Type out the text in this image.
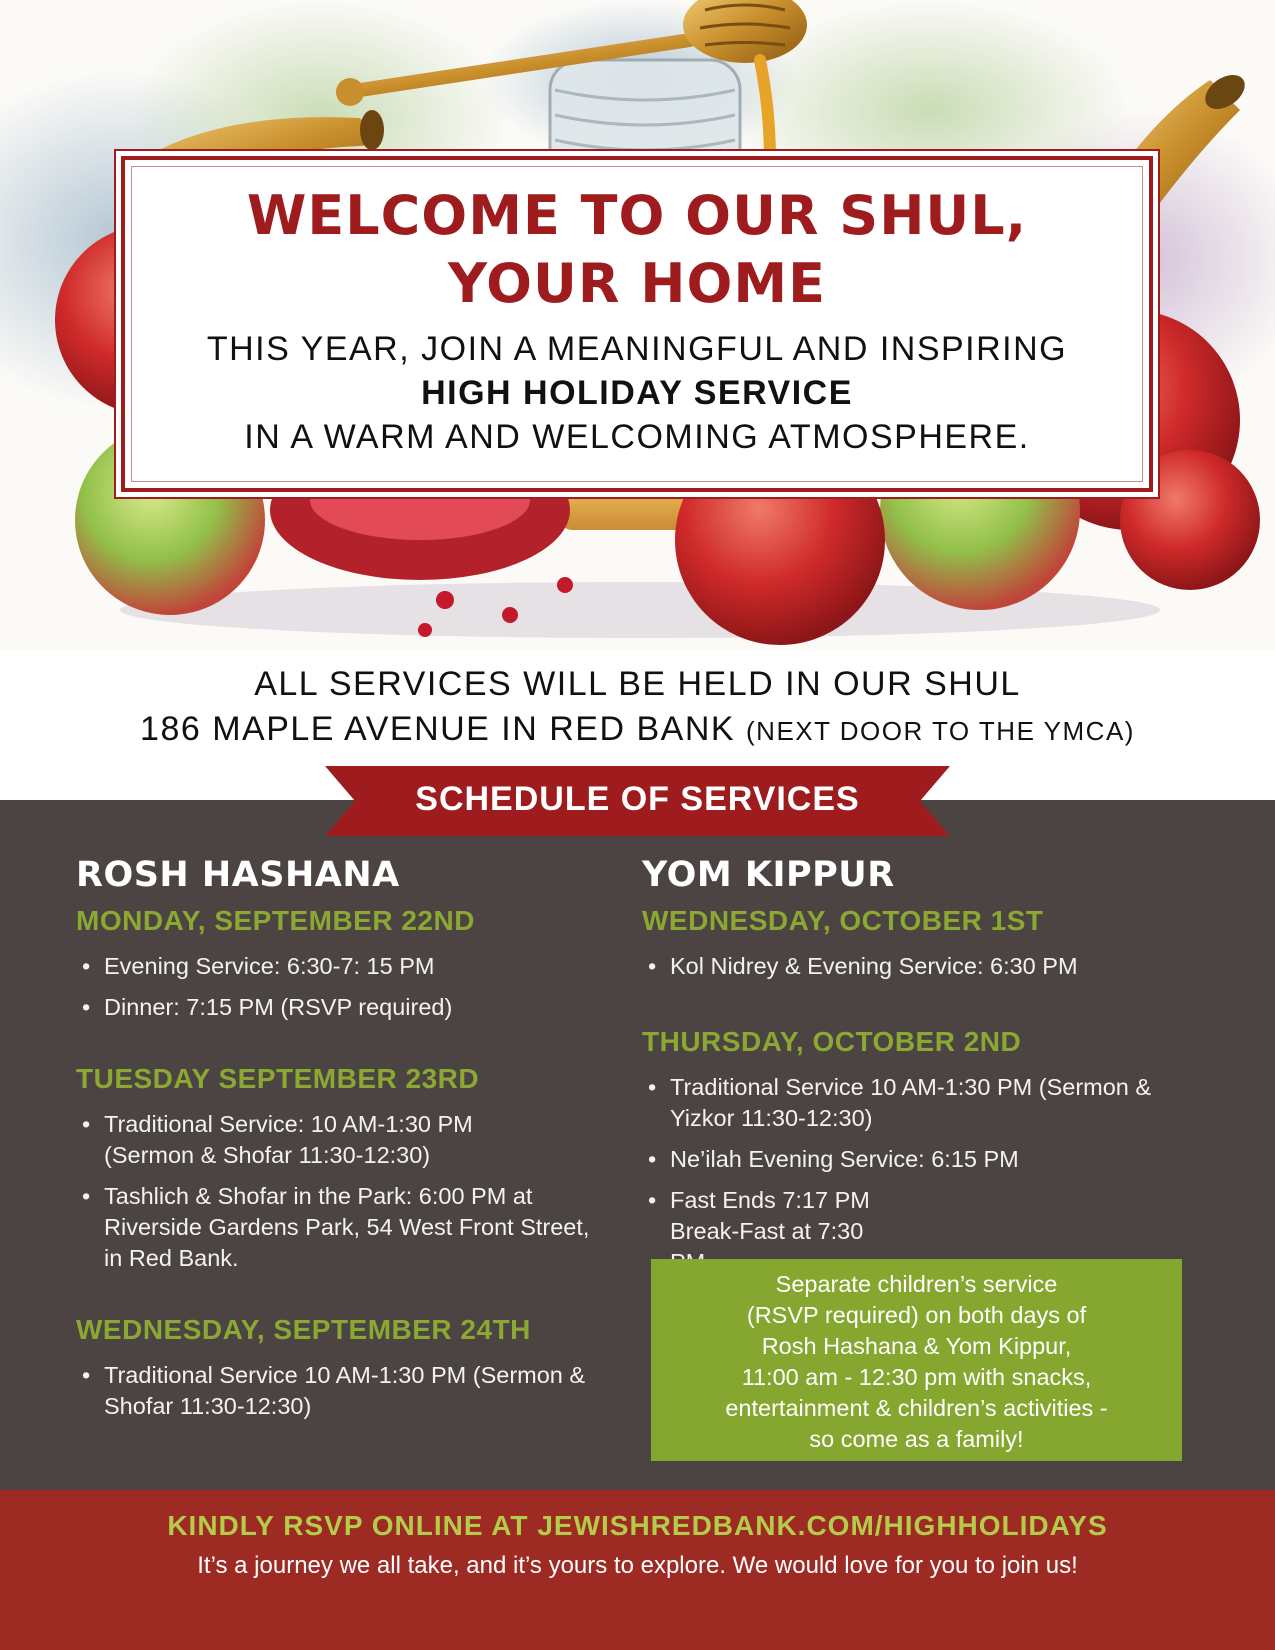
WELCOME TO OUR SHUL,
YOUR HOME
THIS YEAR, JOIN A MEANINGFUL AND INSPIRING
HIGH HOLIDAY SERVICE
IN A WARM AND WELCOMING ATMOSPHERE.
ALL SERVICES WILL BE HELD IN OUR SHUL
186 MAPLE AVENUE IN RED BANK (NEXT DOOR TO THE YMCA)
SCHEDULE OF SERVICES
ROSH HASHANA
MONDAY, SEPTEMBER 22ND
• Evening Service: 6:30-7: 15 PM
• Dinner: 7:15 PM (RSVP required)
TUESDAY SEPTEMBER 23RD
• Traditional Service: 10 AM-1:30 PM (Sermon & Shofar 11:30-12:30)
• Tashlich & Shofar in the Park: 6:00 PM at Riverside Gardens Park, 54 West Front Street, in Red Bank.
WEDNESDAY, SEPTEMBER 24TH
• Traditional Service 10 AM-1:30 PM (Sermon & Shofar 11:30-12:30)
YOM KIPPUR
WEDNESDAY, OCTOBER 1ST
• Kol Nidrey & Evening Service: 6:30 PM
THURSDAY, OCTOBER 2ND
• Traditional Service 10 AM-1:30 PM (Sermon & Yizkor 11:30-12:30)
• Ne’ilah Evening Service: 6:15 PM
• Fast Ends 7:17 PM Break-Fast at 7:30
Separate children’s service
(RSVP required) on both days of
Rosh Hashana & Yom Kippur,
11:00 am - 12:30 pm with snacks,
entertainment & children’s activities -
so come as a family!
KINDLY RSVP ONLINE AT JEWISHREDBANK.COM/HIGHHOLIDAYS
It’s a journey we all take, and it’s yours to explore. We would love for you to join us!
